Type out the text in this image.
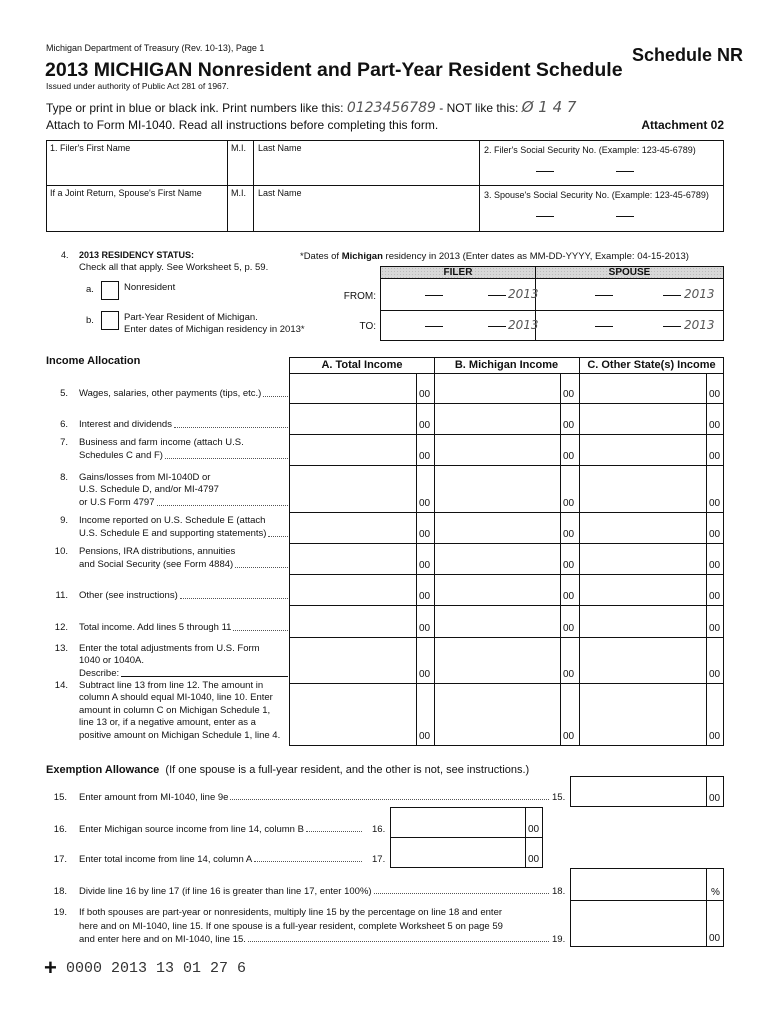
Michigan Department of Treasury (Rev. 10-13), Page 1	Schedule NR
2013 MICHIGAN Nonresident and Part-Year Resident Schedule
Issued under authority of Public Act 281 of 1967.
Type or print in blue or black ink. Print numbers like this: 0123456789 - NOT like this: Ø 1 4 7
Attach to Form MI-1040. Read all instructions before completing this form.	Attachment 02
1. Filer's First Name	M.I. Last Name	2. Filer's Social Security No. (Example: 123-45-6789)
If a Joint Return, Spouse's First Name	M.I. Last Name	3. Spouse's Social Security No. (Example: 123-45-6789)
4. 2013 RESIDENCY STATUS:
Check all that apply. See Worksheet 5, p. 59.
a.	Nonresident
b.	Part-Year Resident of Michigan.
Enter dates of Michigan residency in 2013*
*Dates of Michigan residency in 2013 (Enter dates as MM-DD-YYYY, Example: 04-15-2013)
FILER	SPOUSE
FROM:
TO:
2013	2013
2013	2013
Income Allocation	A. Total Income	B. Michigan Income	C. Other State(s) Income
5. Wages, salaries, other payments (tips, etc.)	00	00	00
6. Interest and dividends	00	00	00
7. Business and farm income (attach U.S.
Schedules C and F)	00	00	00
8. Gains/losses from MI-1040D or
U.S. Schedule D, and/or MI-4797
or U.S Form 4797	00	00	00
9. Income reported on U.S. Schedule E (attach
U.S. Schedule E and supporting statements)	00	00	00
10. Pensions, IRA distributions, annuities
and Social Security (see Form 4884)	00	00	00
11. Other (see instructions)	00	00	00
12. Total income. Add lines 5 through 11	00	00	00
13. Enter the total adjustments from U.S. Form
1040 or 1040A.
Describe:	00	00	00
14. Subtract line 13 from line 12. The amount in
column A should equal MI-1040, line 10. Enter
amount in column C on Michigan Schedule 1,
line 13 or, if a negative amount, enter as a
positive amount on Michigan Schedule 1, line 4.	00	00	00
Exemption Allowance (If one spouse is a full-year resident, and the other is not, see instructions.)
15.	Enter amount from MI-1040, line 9e	15.	00
16.	Enter Michigan source income from line 14, column B	16.	00
17.	Enter total income from line 14, column A	17.	00
18.	Divide line 16 by line 17 (if line 16 is greater than line 17, enter 100%)	18.	%
19.	If both spouses are part-year or nonresidents, multiply line 15 by the percentage on line 18 and enter
here and on MI-1040, line 15. If one spouse is a full-year resident, complete Worksheet 5 on page 59
and enter here and on MI-1040, line 15.	19.	00
+ 0000 2013 13 01 27 6
